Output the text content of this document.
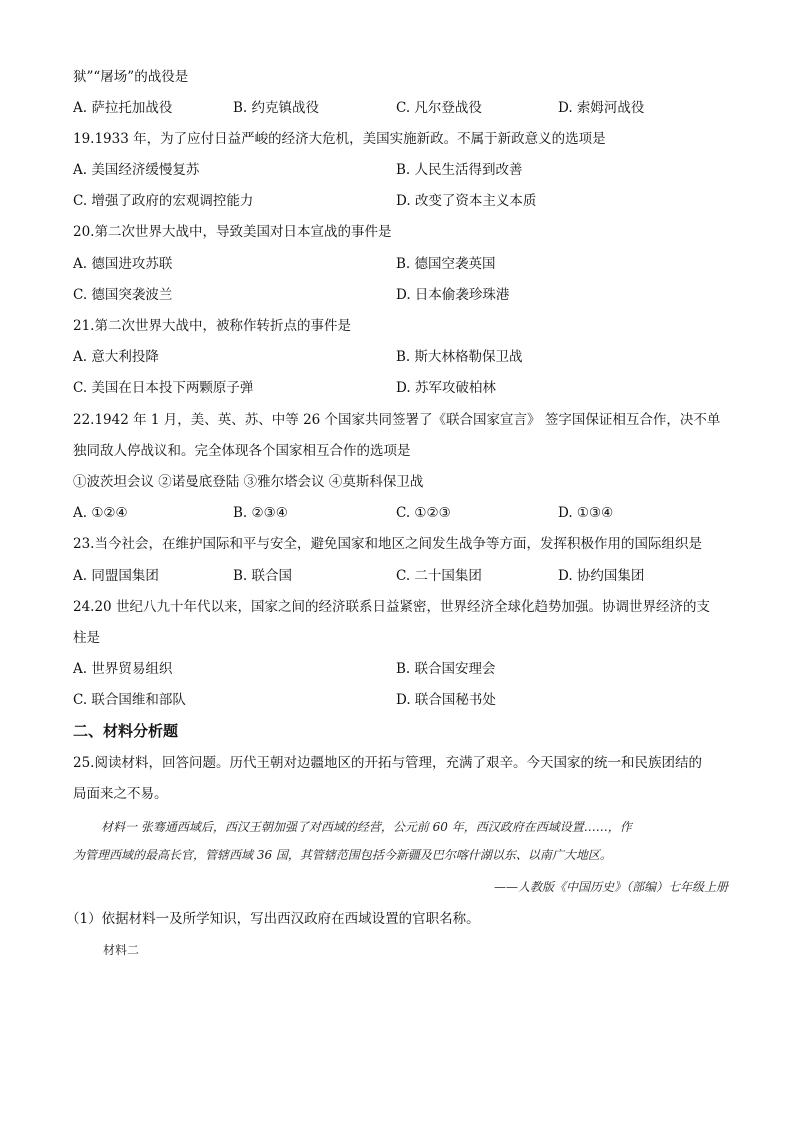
狱”“屠场”的战役是
A. 萨拉托加战役	B. 约克镇战役	C. 凡尔登战役	D. 索姆河战役
19.1933 年，为了应付日益严峻的经济大危机，美国实施新政。不属于新政意义的选项是
A. 美国经济缓慢复苏	B. 人民生活得到改善
C. 增强了政府的宏观调控能力	D. 改变了资本主义本质
20.第二次世界大战中，导致美国对日本宣战的事件是
A. 德国进攻苏联	B. 德国空袭英国
C. 德国突袭波兰	D. 日本偷袭珍珠港
21.第二次世界大战中，被称作转折点的事件是
A. 意大利投降	B. 斯大林格勒保卫战
C. 美国在日本投下两颗原子弹	D. 苏军攻破柏林
22.1942 年 1 月，美、英、苏、中等 26 个国家共同签署了《联合国家宣言》 签字国保证相互合作，决不单
独同敌人停战议和。完全体现各个国家相互合作的选项是
①波茨坦会议 ②诺曼底登陆 ③雅尔塔会议 ④莫斯科保卫战
A. ①②④	B. ②③④	C. ①②③	D. ①③④
23.当今社会，在维护国际和平与安全，避免国家和地区之间发生战争等方面，发挥积极作用的国际组织是
A. 同盟国集团	B. 联合国	C. 二十国集团	D. 协约国集团
24.20 世纪八九十年代以来，国家之间的经济联系日益紧密，世界经济全球化趋势加强。协调世界经济的支
柱是
A. 世界贸易组织	B. 联合国安理会
C. 联合国维和部队	D. 联合国秘书处
二、材料分析题
25.阅读材料，回答问题。历代王朝对边疆地区的开拓与管理，充满了艰辛。今天国家的统一和民族团结的
局面来之不易。
材料一 张骞通西域后，西汉王朝加强了对西域的经营，公元前 60 年，西汉政府在西域设置……，作
为管理西域的最高长官，管辖西域 36 国，其管辖范围包括今新疆及巴尔喀什湖以东、以南广大地区。
——人教版《中国历史》（部编）七年级上册
（1）依据材料一及所学知识，写出西汉政府在西域设置的官职名称。
材料二
